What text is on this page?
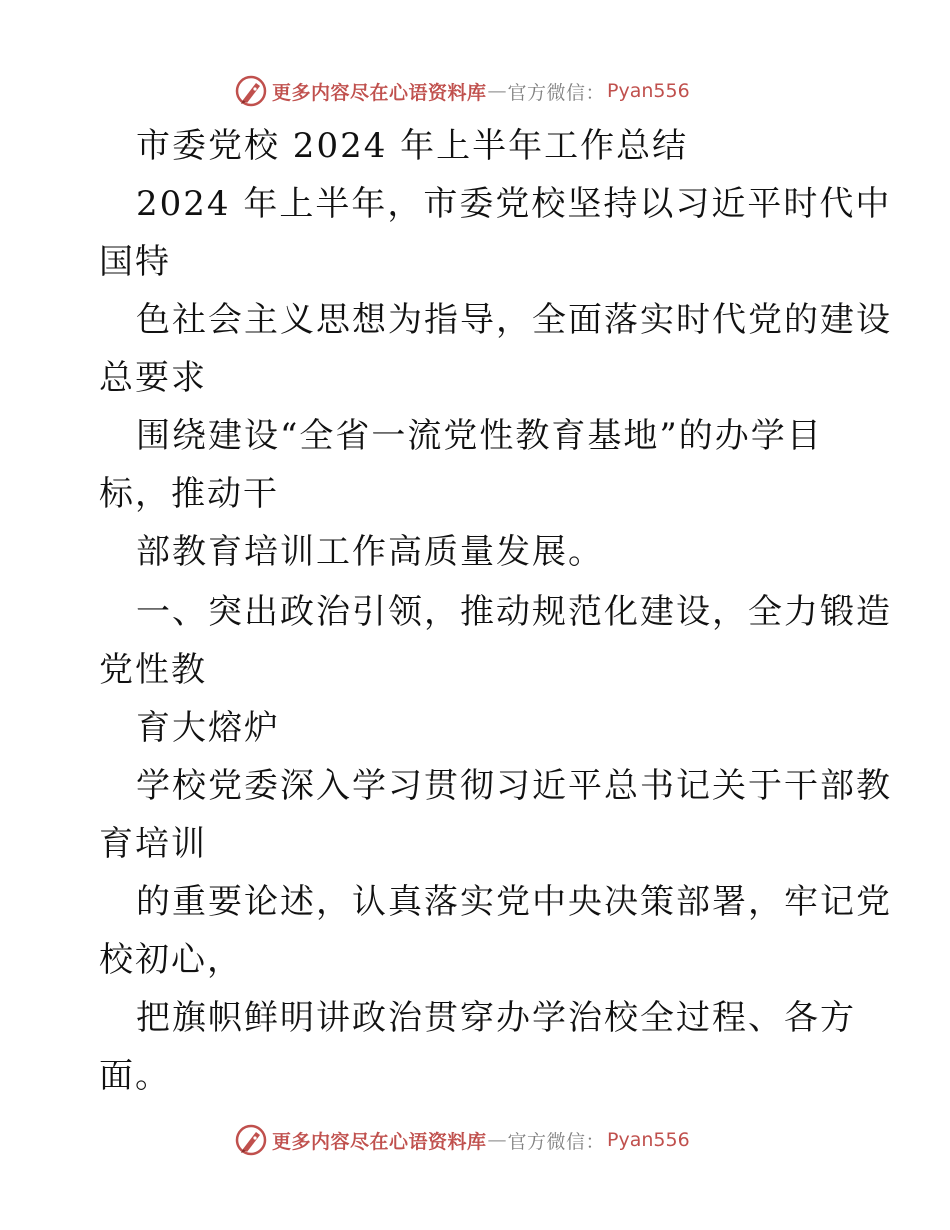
更多内容尽在心语资料库 — 官方微信： Pyan556
市委党校 2024 年上半年工作总结
2024 年上半年，市委党校坚持以习近平时代中
国特
色社会主义思想为指导，全面落实时代党的建设
总要求
围绕建设“全省一流党性教育基地”的办学目
标，推动干
部教育培训工作高质量发展。
一、突出政治引领，推动规范化建设，全力锻造
党性教
育大熔炉
学校党委深入学习贯彻习近平总书记关于干部教
育培训
的重要论述，认真落实党中央决策部署，牢记党
校初心，
把旗帜鲜明讲政治贯穿办学治校全过程、各方
面。
更多内容尽在心语资料库 — 官方微信： Pyan556
